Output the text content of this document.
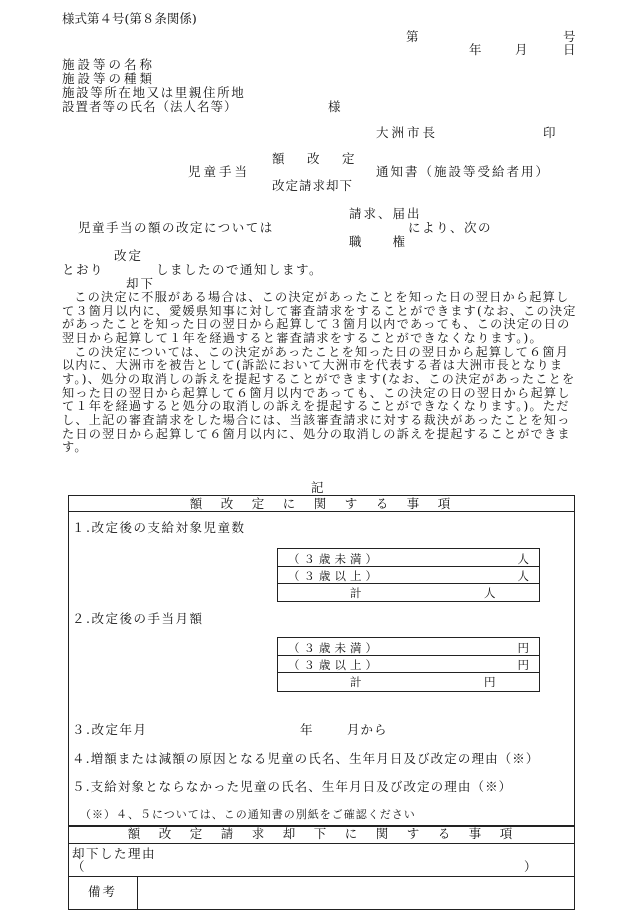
様式第４号(第８条関係)
第	号
年	月	日
施設等の名称
施設等の種類
施設等所在地又は里親住所地
設置者等の氏名（法人名等）	様
大洲市長	印
額　改　定
児童手当	通知書（施設等受給者用）
改定請求却下
請求、届出
児童手当の額の改定については	により、次の
職　　権
改定
とおり	しましたので通知します。
却下

この決定に不服がある場合は、この決定があったことを知った日の翌日から起算して３箇月以内に、愛媛県知事に対して審査請求をすることができます(なお、この決定があったことを知った日の翌日から起算して３箇月以内であっても、この決定の日の翌日から起算して１年を経過すると審査請求をすることができなくなります。)。

この決定については、この決定があったことを知った日の翌日から起算して６箇月以内に、大洲市を被告として(訴訟において大洲市を代表する者は大洲市長となります。)、処分の取消しの訴えを提起することができます(なお、この決定があったことを知った日の翌日から起算して６箇月以内であっても、この決定の日の翌日から起算して１年を経過すると処分の取消しの訴えを提起することができなくなります。)。ただし、上記の審査請求をした場合には、当該審査請求に対する裁決があったことを知った日の翌日から起算して６箇月以内に、処分の取消しの訴えを提起することができます。

記
額　改　定　に　関　す　る　事　項
１.改定後の支給対象児童数
（３歳未満）	人
（３歳以上）	人
計	人
２.改定後の手当月額
（３歳未満）	円
（３歳以上）	円
計	円
３.改定年月	年	月から
４.増額または減額の原因となる児童の氏名、生年月日及び改定の理由（※）
５.支給対象とならなかった児童の氏名、生年月日及び改定の理由（※）
（※）４、５については、この通知書の別紙をご確認ください
額　改　定　請　求　却　下　に　関　す　る　事　項
却下した理由
（	）
備考
